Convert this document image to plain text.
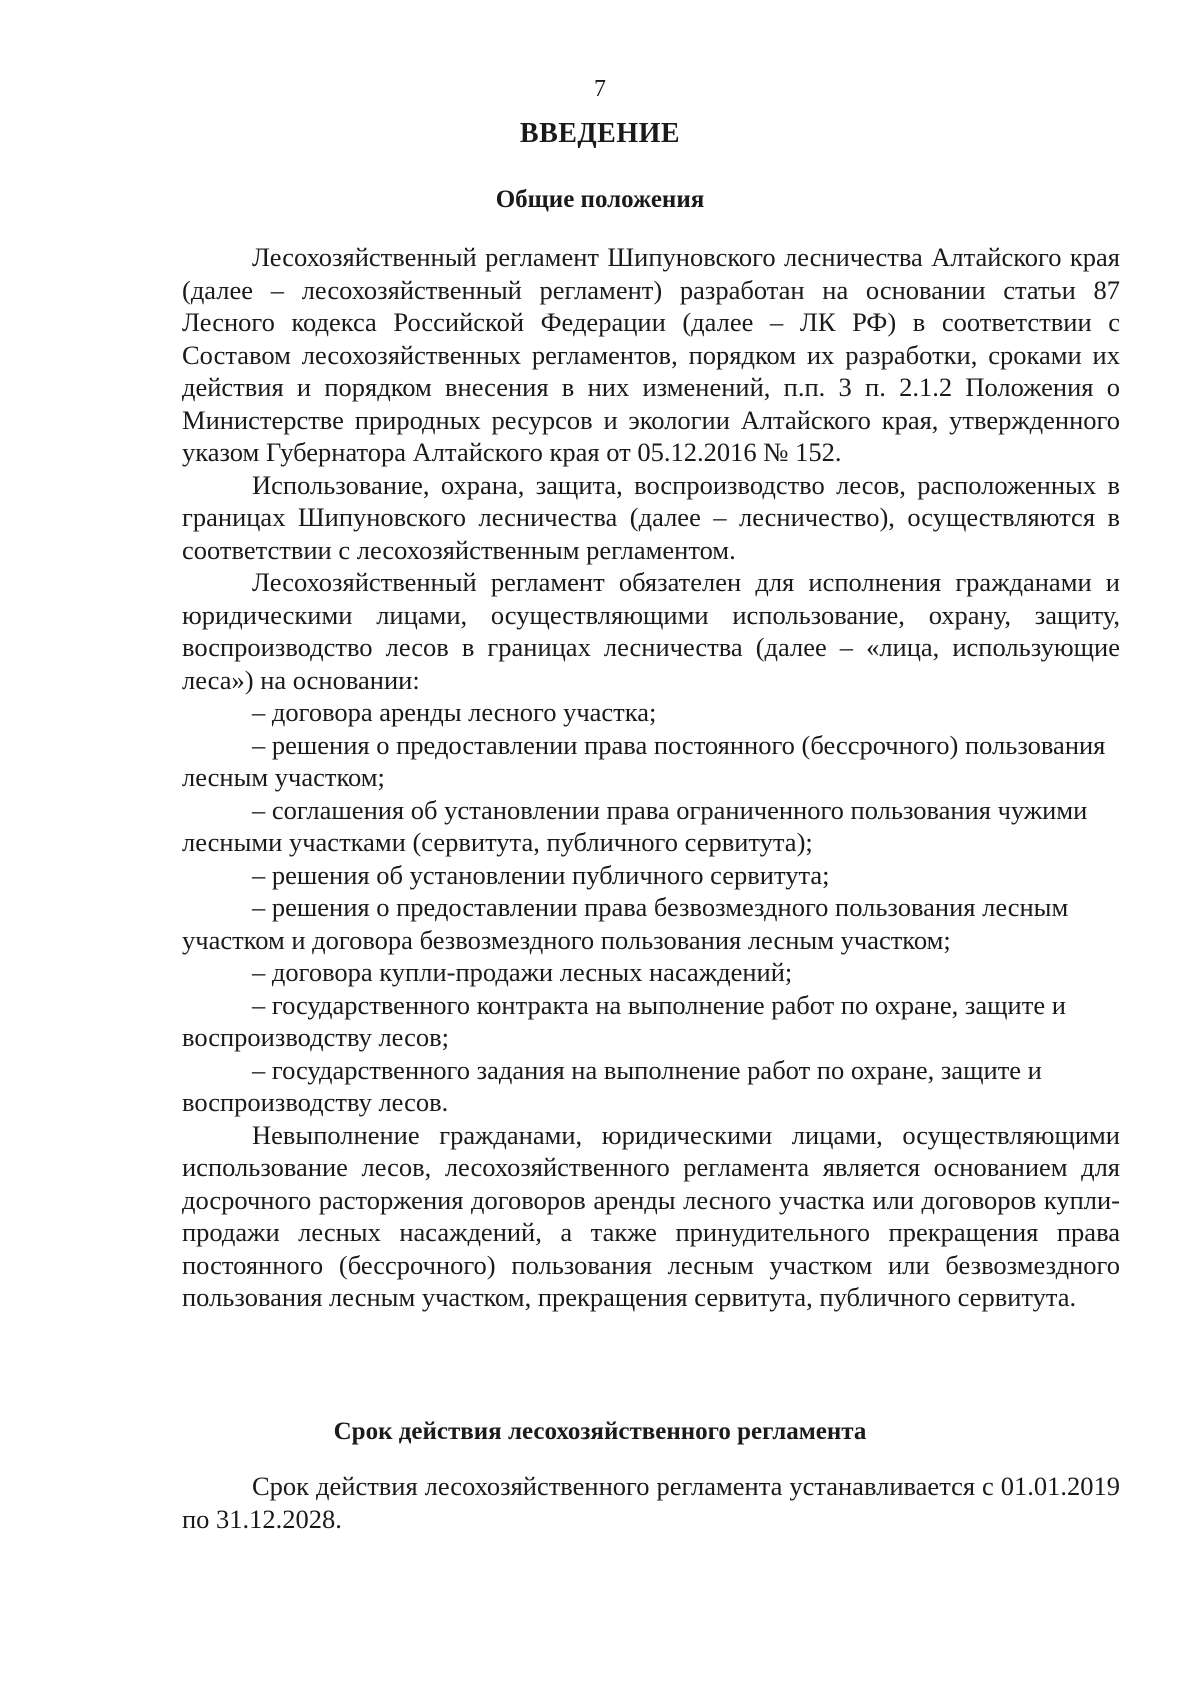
7
ВВЕДЕНИЕ
Общие положения

Лесохозяйственный регламент Шипуновского лесничества Алтайского края (далее – лесохозяйственный регламент) разработан на основании статьи 87 Лесного кодекса Российской Федерации (далее – ЛК РФ) в соответствии с Составом лесохозяйственных регламентов, порядком их разработки, сроками их действия и порядком внесения в них изменений, п.п. 3 п. 2.1.2 Положения о Министерстве природных ресурсов и экологии Алтайского края, утвержденного указом Губернатора Алтайского края от 05.12.2016 № 152.

Использование, охрана, защита, воспроизводство лесов, расположенных в границах Шипуновского лесничества (далее – лесничество), осуществляются в соответствии с лесохозяйственным регламентом.

Лесохозяйственный регламент обязателен для исполнения гражданами и юридическими лицами, осуществляющими использование, охрану, защиту, воспроизводство лесов в границах лесничества (далее – «лица, использующие леса») на основании:

– договора аренды лесного участка;

– решения о предоставлении права постоянного (бессрочного) пользования лесным участком;

– соглашения об установлении права ограниченного пользования чужими лесными участками (сервитута, публичного сервитута);

– решения об установлении публичного сервитута;

– решения о предоставлении права безвозмездного пользования лесным участком и договора безвозмездного пользования лесным участком;

– договора купли-продажи лесных насаждений;

– государственного контракта на выполнение работ по охране, защите и воспроизводству лесов;

– государственного задания на выполнение работ по охране, защите и воспроизводству лесов.

Невыполнение гражданами, юридическими лицами, осуществляющими использование лесов, лесохозяйственного регламента является основанием для досрочного расторжения договоров аренды лесного участка или договоров купли-продажи лесных насаждений, а также принудительного прекращения права постоянного (бессрочного) пользования лесным участком или безвозмездного пользования лесным участком, прекращения сервитута, публичного сервитута.

Срок действия лесохозяйственного регламента

Срок действия лесохозяйственного регламента устанавливается с 01.01.2019 по 31.12.2028.
